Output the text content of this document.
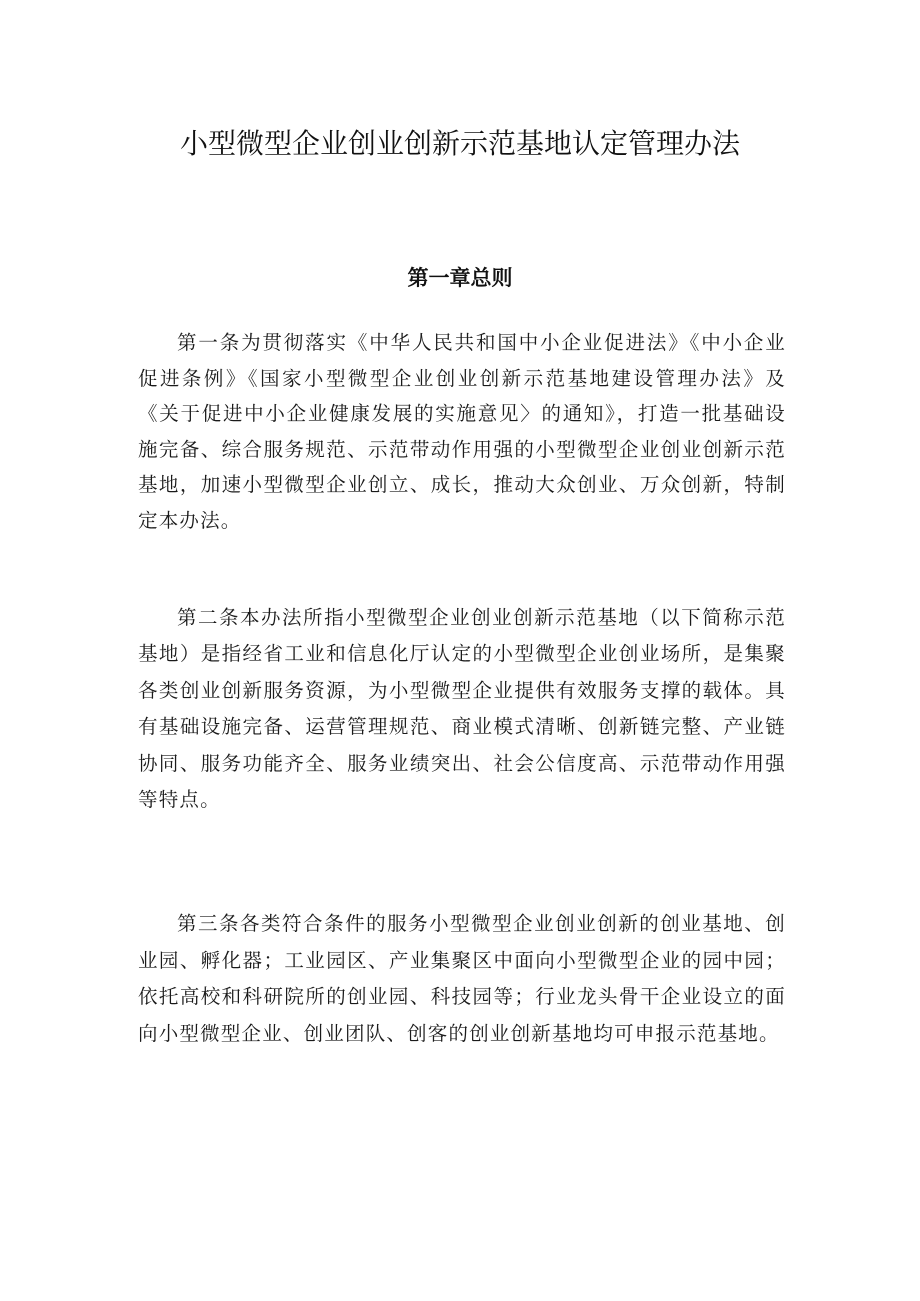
小型微型企业创业创新示范基地认定管理办法
第一章总则

第一条为贯彻落实《中华人民共和国中小企业促进法》《中小企业促进条例》《国家小型微型企业创业创新示范基地建设管理办法》及《关于促进中小企业健康发展的实施意见〉的通知》，打造一批基础设施完备、综合服务规范、示范带动作用强的小型微型企业创业创新示范基地，加速小型微型企业创立、成长，推动大众创业、万众创新，特制定本办法。

第二条本办法所指小型微型企业创业创新示范基地（以下简称示范基地）是指经省工业和信息化厅认定的小型微型企业创业场所，是集聚各类创业创新服务资源，为小型微型企业提供有效服务支撑的载体。具有基础设施完备、运营管理规范、商业模式清晰、创新链完整、产业链协同、服务功能齐全、服务业绩突出、社会公信度高、示范带动作用强等特点。

第三条各类符合条件的服务小型微型企业创业创新的创业基地、创业园、孵化器；工业园区、产业集聚区中面向小型微型企业的园中园；依托高校和科研院所的创业园、科技园等；行业龙头骨干企业设立的面向小型微型企业、创业团队、创客的创业创新基地均可申报示范基地。
